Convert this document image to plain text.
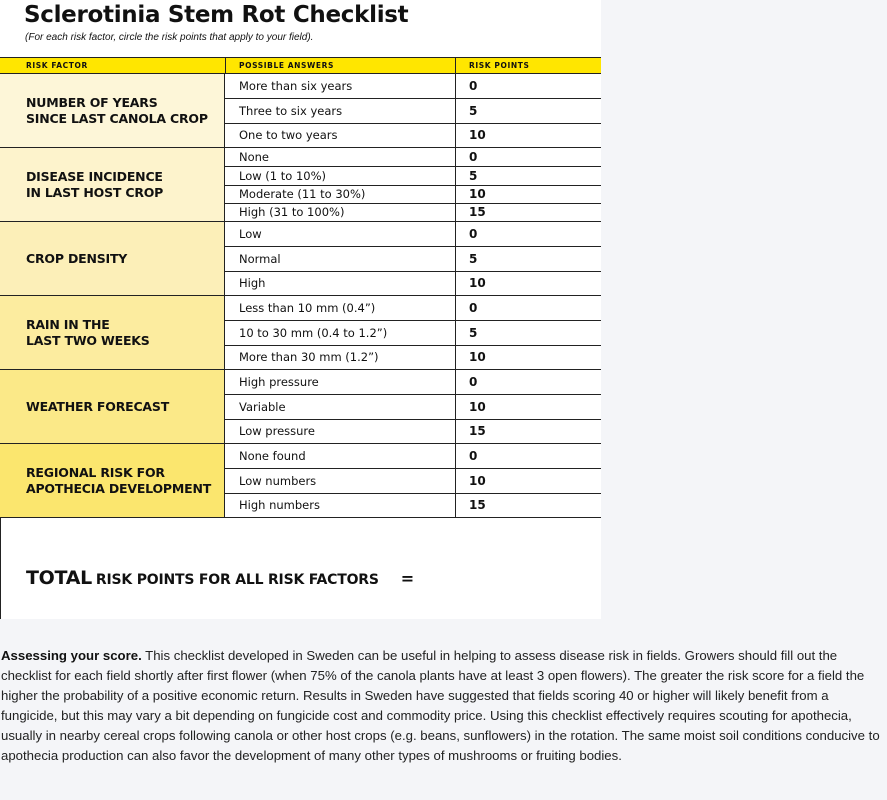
Sclerotinia Stem Rot Checklist

(For each risk factor, circle the risk points that apply to your field).

RISK FACTOR	POSSIBLE ANSWERS	RISK POINTS
NUMBER OF YEARS
SINCE LAST CANOLA CROP
More than six years	0
Three to six years	5
One to two years	10
DISEASE INCIDENCE
IN LAST HOST CROP
None	0
Low (1 to 10%)	5
Moderate (11 to 30%)	10
High (31 to 100%)	15
CROP DENSITY
Low	0
Normal	5
High	10
RAIN IN THE
LAST TWO WEEKS
Less than 10 mm (0.4”)	0
10 to 30 mm (0.4 to 1.2”)	5
More than 30 mm (1.2”)	10
WEATHER FORECAST
High pressure	0
Variable	10
Low pressure	15
REGIONAL RISK FOR
APOTHECIA DEVELOPMENT
None found	0
Low numbers	10
High numbers	15
TOTAL RISK POINTS FOR ALL RISK FACTORS =

Assessing your score. This checklist developed in Sweden can be useful in helping to assess disease risk in fields. Growers should fill out the checklist for each field shortly after first flower (when 75% of the canola plants have at least 3 open flowers). The greater the risk score for a field the higher the probability of a positive economic return. Results in Sweden have suggested that fields scoring 40 or higher will likely benefit from a fungicide, but this may vary a bit depending on fungicide cost and commodity price. Using this checklist effectively requires scouting for apothecia, usually in nearby cereal crops following canola or other host crops (e.g. beans, sunflowers) in the rotation. The same moist soil conditions conducive to apothecia production can also favor the development of many other types of mushrooms or fruiting bodies.
